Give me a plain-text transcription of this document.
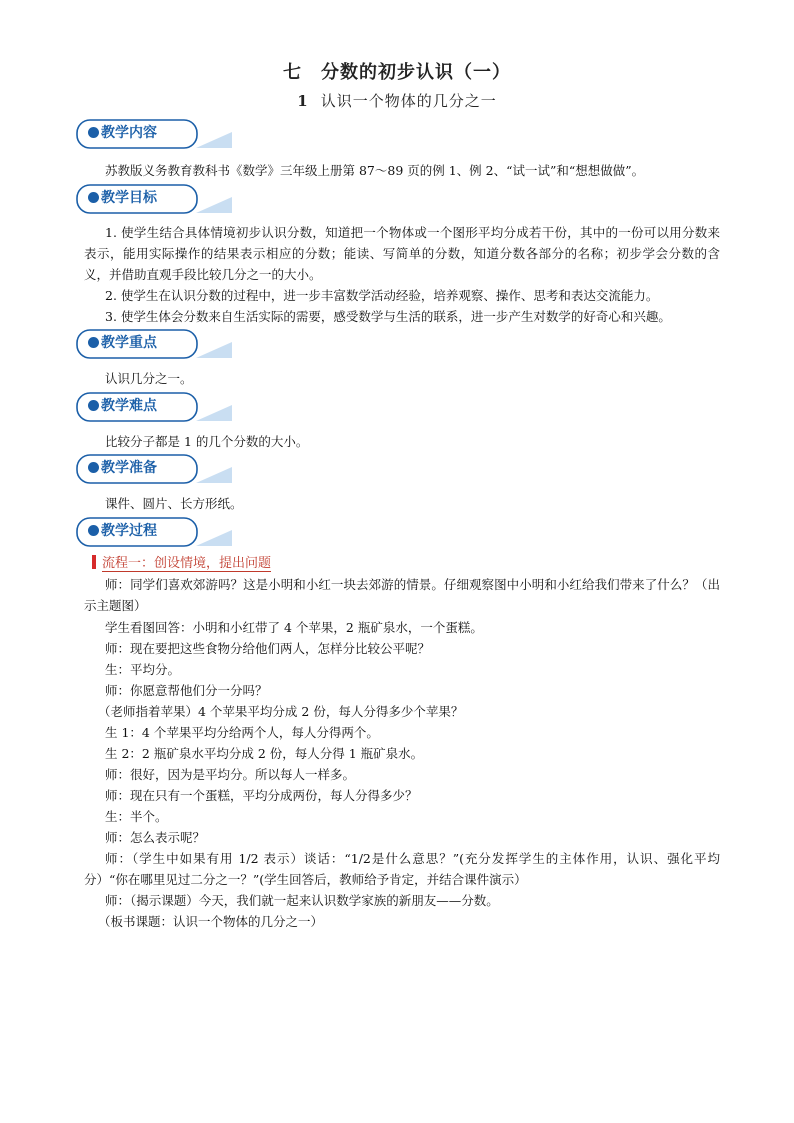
七　分数的初步认识（一）
1 认识一个物体的几分之一
教学内容

苏教版义务教育教科书《数学》三年级上册第 87～89 页的例 1、例 2、“试一试”和“想想做做”。

教学目标

1. 使学生结合具体情境初步认识分数，知道把一个物体或一个图形平均分成若干份，其中的一份可以用分数来表示，能用实际操作的结果表示相应的分数；能读、写简单的分数，知道分数各部分的名称；初步学会分数的含义，并借助直观手段比较几分之一的大小。

2. 使学生在认识分数的过程中，进一步丰富数学活动经验，培养观察、操作、思考和表达交流能力。

3. 使学生体会分数来自生活实际的需要，感受数学与生活的联系，进一步产生对数学的好奇心和兴趣。

教学重点

认识几分之一。

教学难点

比较分子都是 1 的几个分数的大小。

教学准备

课件、圆片、长方形纸。

教学过程
流程一：创设情境，提出问题

师：同学们喜欢郊游吗？这是小明和小红一块去郊游的情景。仔细观察图中小明和小红给我们带来了什么？（出示主题图）

学生看图回答：小明和小红带了 4 个苹果，2 瓶矿泉水，一个蛋糕。

师：现在要把这些食物分给他们两人，怎样分比较公平呢？

生：平均分。

师：你愿意帮他们分一分吗？

（老师指着苹果）4 个苹果平均分成 2 份，每人分得多少个苹果？

生 1：4 个苹果平均分给两个人，每人分得两个。

生 2：2 瓶矿泉水平均分成 2 份，每人分得 1 瓶矿泉水。

师：很好，因为是平均分。所以每人一样多。

师：现在只有一个蛋糕，平均分成两份，每人分得多少？

生：半个。

师：怎么表示呢？

师：（学生中如果有用 1/2 表示）谈话：“1/2是什么意思？”(充分发挥学生的主体作用，认识、强化平均分）“你在哪里见过二分之一？”(学生回答后，教师给予肯定，并结合课件演示）

师：（揭示课题）今天，我们就一起来认识数学家族的新朋友——分数。

（板书课题：认识一个物体的几分之一）
